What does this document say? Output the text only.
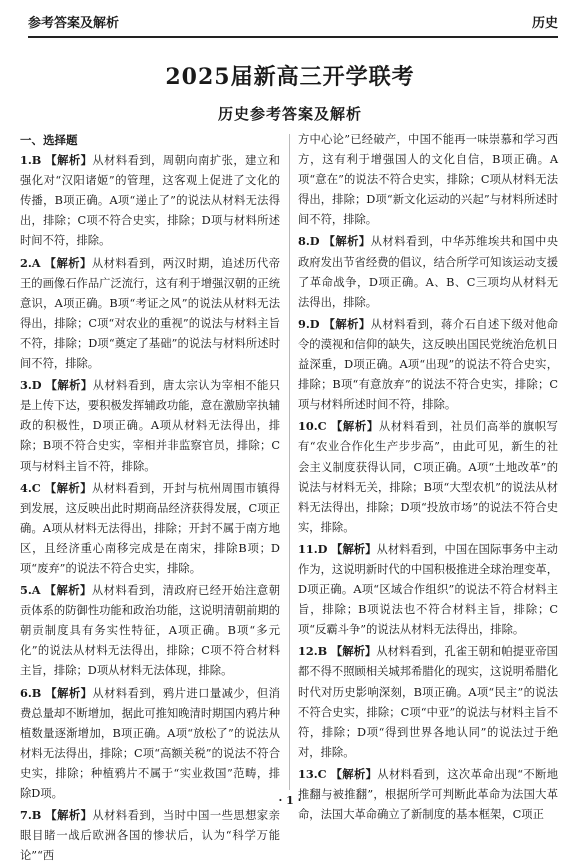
参考答案及解析	历史
2025届新高三开学联考
历史参考答案及解析
一、选择题
1.B 【解析】从材料看到，周朝向南扩张，建立和强化对“汉阳诸姬”的管理，这客观上促进了文化的传播，B项正确。A项“递止了”的说法从材料无法得出，排除；C项不符合史实，排除；D项与材料所述时间不符，排除。
2.A 【解析】从材料看到，两汉时期，追述历代帝王的画像石作品广泛流行，这有利于增强汉朝的正统意识，A项正确。B项“考证之风”的说法从材料无法得出，排除；C项“对农业的重视”的说法与材料主旨不符，排除；D项“奠定了基础”的说法与材料所述时间不符，排除。
3.D 【解析】从材料看到，唐太宗认为宰相不能只是上传下达，要积极发挥辅政功能，意在激励宰执辅政的积极性，D项正确。A项从材料无法得出，排除；B项不符合史实，宰相并非监察官员，排除；C项与材料主旨不符，排除。
4.C 【解析】从材料看到，开封与杭州周围市镇得到发展，这反映出此时期商品经济获得发展，C项正确。A项从材料无法得出，排除；开封不属于南方地区，且经济重心南移完成是在南宋，排除B项；D项“废弃”的说法不符合史实，排除。
5.A 【解析】从材料看到，清政府已经开始注意朝贡体系的防御性功能和政治功能，这说明清朝前期的朝贡制度具有务实性特征，A项正确。B项“多元化”的说法从材料无法得出，排除；C项不符合材料主旨，排除；D项从材料无法体现，排除。
6.B 【解析】从材料看到，鸦片进口量减少，但消费总量却不断增加，据此可推知晚清时期国内鸦片种植数量逐渐增加，B项正确。A项“放松了”的说法从材料无法得出，排除；C项“高额关税”的说法不符合史实，排除；种植鸦片不属于“实业救国”范畴，排除D项。
7.B 【解析】从材料看到，当时中国一些思想家亲眼目睹一战后欧洲各国的惨状后，认为“科学万能论”“西
方中心论”已经破产，中国不能再一味崇慕和学习西方，这有利于增强国人的文化自信，B项正确。A项“意在”的说法不符合史实，排除；C项从材料无法得出，排除；D项“新文化运动的兴起”与材料所述时间不符，排除。
8.D 【解析】从材料看到，中华苏维埃共和国中央政府发出节省经费的倡议，结合所学可知该运动支援了革命战争，D项正确。A、B、C三项均从材料无法得出，排除。
9.D 【解析】从材料看到，蒋介石自述下级对他命令的漠视和信仰的缺失，这反映出国民党统治危机日益深重，D项正确。A项“出现”的说法不符合史实，排除；B项“有意放弃”的说法不符合史实，排除；C项与材料所述时间不符，排除。
10.C 【解析】从材料看到，社员们高举的旗帜写有“农业合作化生产步步高”，由此可见，新生的社会主义制度获得认同，C项正确。A项“土地改革”的说法与材料无关，排除；B项“大型农机”的说法从材料无法得出，排除；D项“投放市场”的说法不符合史实，排除。
11.D 【解析】从材料看到，中国在国际事务中主动作为，这说明新时代的中国积极推进全球治理变革，D项正确。A项“区域合作组织”的说法不符合材料主旨，排除；B项说法也不符合材料主旨，排除；C项“反霸斗争”的说法从材料无法得出，排除。
12.B 【解析】从材料看到，孔雀王朝和帕提亚帝国都不得不照顾相关城邦希腊化的现实，这说明希腊化时代对历史影响深刻，B项正确。A项“民主”的说法不符合史实，排除；C项“中亚”的说法与材料主旨不符，排除；D项“得到世界各地认同”的说法过于绝对，排除。
13.C 【解析】从材料看到，这次革命出现“不断地推翻与被推翻”，根据所学可判断此革命为法国大革命，法国大革命确立了新制度的基本框架，C项正
· 1 ·
